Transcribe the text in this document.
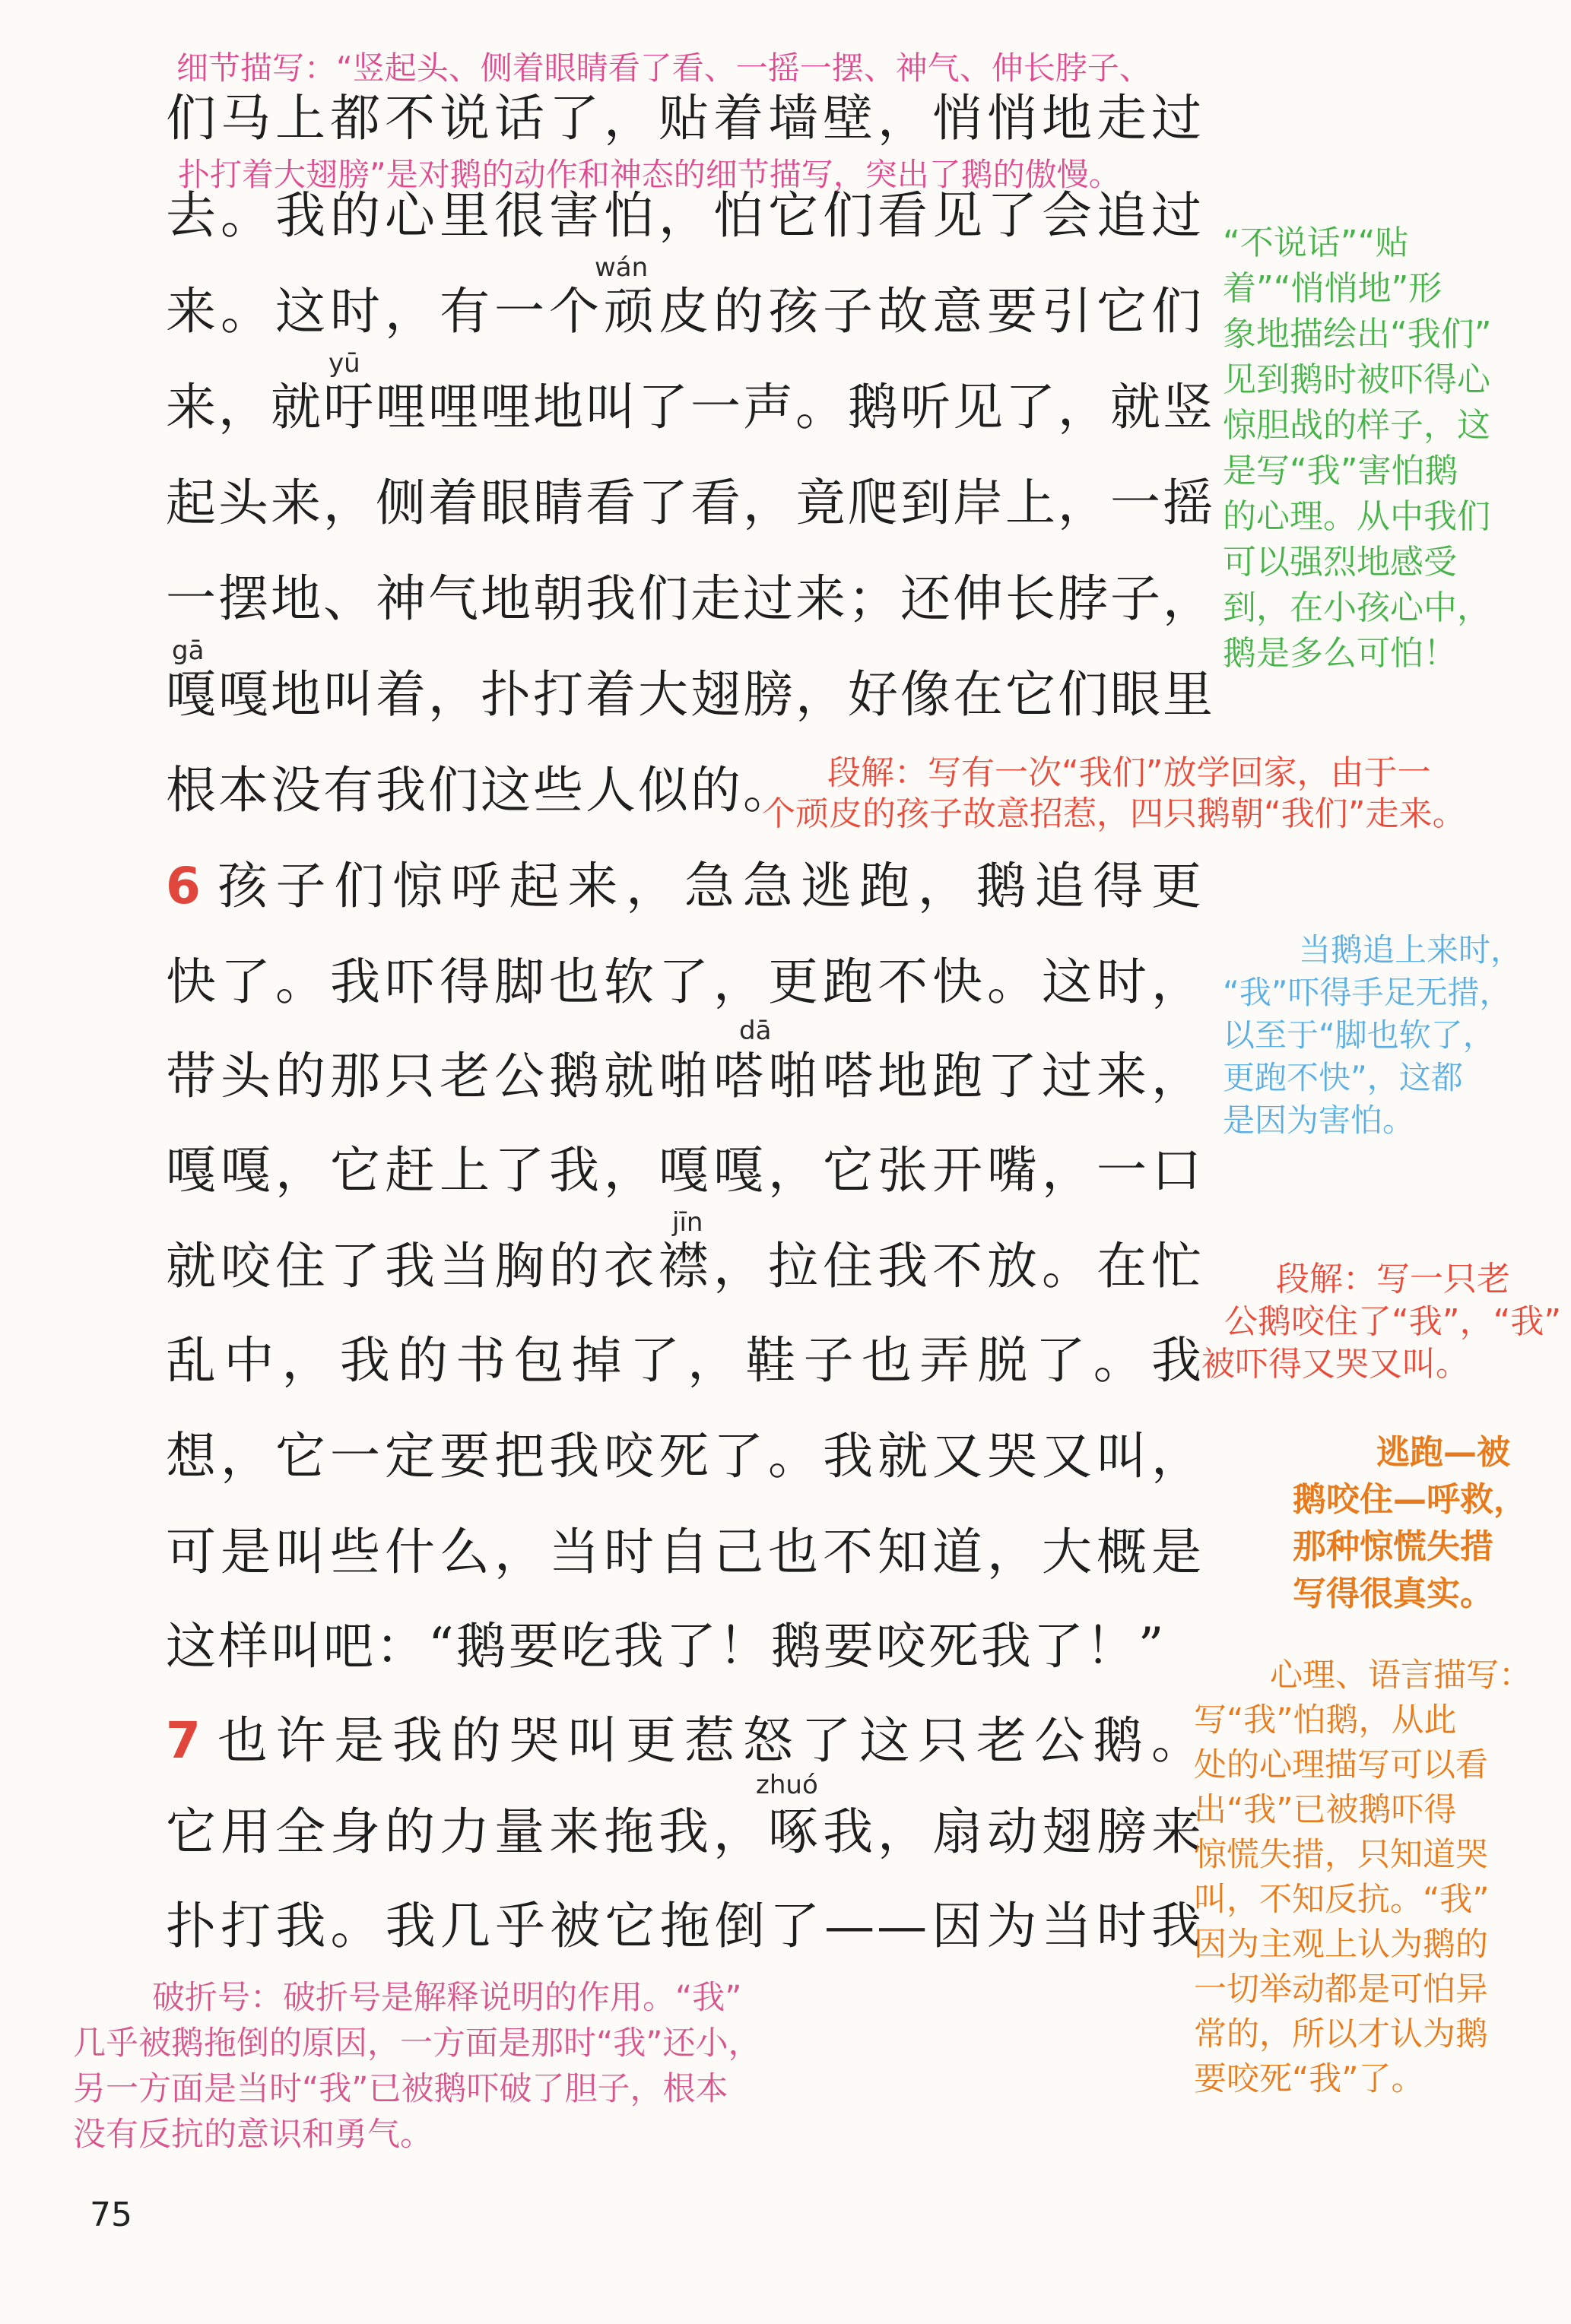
细节描写：“竖起头、侧着眼睛看了看、一摇一摆、神气、伸长脖子、
扑打着大翅膀”是对鹅的动作和神态的细节描写，突出了鹅的傲慢。
wán
yū
gā
dā
jīn
zhuó
们马上都不说话了，贴着墙壁，悄悄地走过
去。我的心里很害怕，怕它们看见了会追过
来。这时，有一个顽皮的孩子故意要引它们
来，就吁哩哩哩地叫了一声。鹅听见了，就竖
起头来，侧着眼睛看了看，竟爬到岸上，一摇
一摆地、神气地朝我们走过来；还伸长脖子，
嘎嘎地叫着，扑打着大翅膀，好像在它们眼里
根本没有我们这些人似的。
6 孩子们惊呼起来，急急逃跑，鹅追得更
快了。我吓得脚也软了，更跑不快。这时，
带头的那只老公鹅就啪嗒啪嗒地跑了过来，
嘎嘎，它赶上了我，嘎嘎，它张开嘴，一口
就咬住了我当胸的衣襟，拉住我不放。在忙
乱中，我的书包掉了，鞋子也弄脱了。我
想，它一定要把我咬死了。我就又哭又叫，
可是叫些什么，当时自己也不知道，大概是
这样叫吧：“鹅要吃我了！鹅要咬死我了！”
7 也许是我的哭叫更惹怒了这只老公鹅。
它用全身的力量来拖我，啄我，扇动翅膀来
扑打我。我几乎被它拖倒了——因为当时我
“不说话”“贴
着”“悄悄地”形
象地描绘出“我们”
见到鹅时被吓得心
惊胆战的样子，这
是写“我”害怕鹅
的心理。从中我们
可以强烈地感受
到，在小孩心中，
鹅是多么可怕！
段解：写有一次“我们”放学回家，由于一
个顽皮的孩子故意招惹，四只鹅朝“我们”走来。
当鹅追上来时，
“我”吓得手足无措，
以至于“脚也软了，
更跑不快”，这都
是因为害怕。
段解：写一只老
公鹅咬住了“我”，“我”
被吓得又哭又叫。
逃跑—被
鹅咬住—呼救，
那种惊慌失措
写得很真实。
心理、语言描写：
写“我”怕鹅，从此
处的心理描写可以看
出“我”已被鹅吓得
惊慌失措，只知道哭
叫，不知反抗。“我”
因为主观上认为鹅的
一切举动都是可怕异
常的，所以才认为鹅
要咬死“我”了。
破折号：破折号是解释说明的作用。“我”
几乎被鹅拖倒的原因，一方面是那时“我”还小，
另一方面是当时“我”已被鹅吓破了胆子，根本
没有反抗的意识和勇气。
75
